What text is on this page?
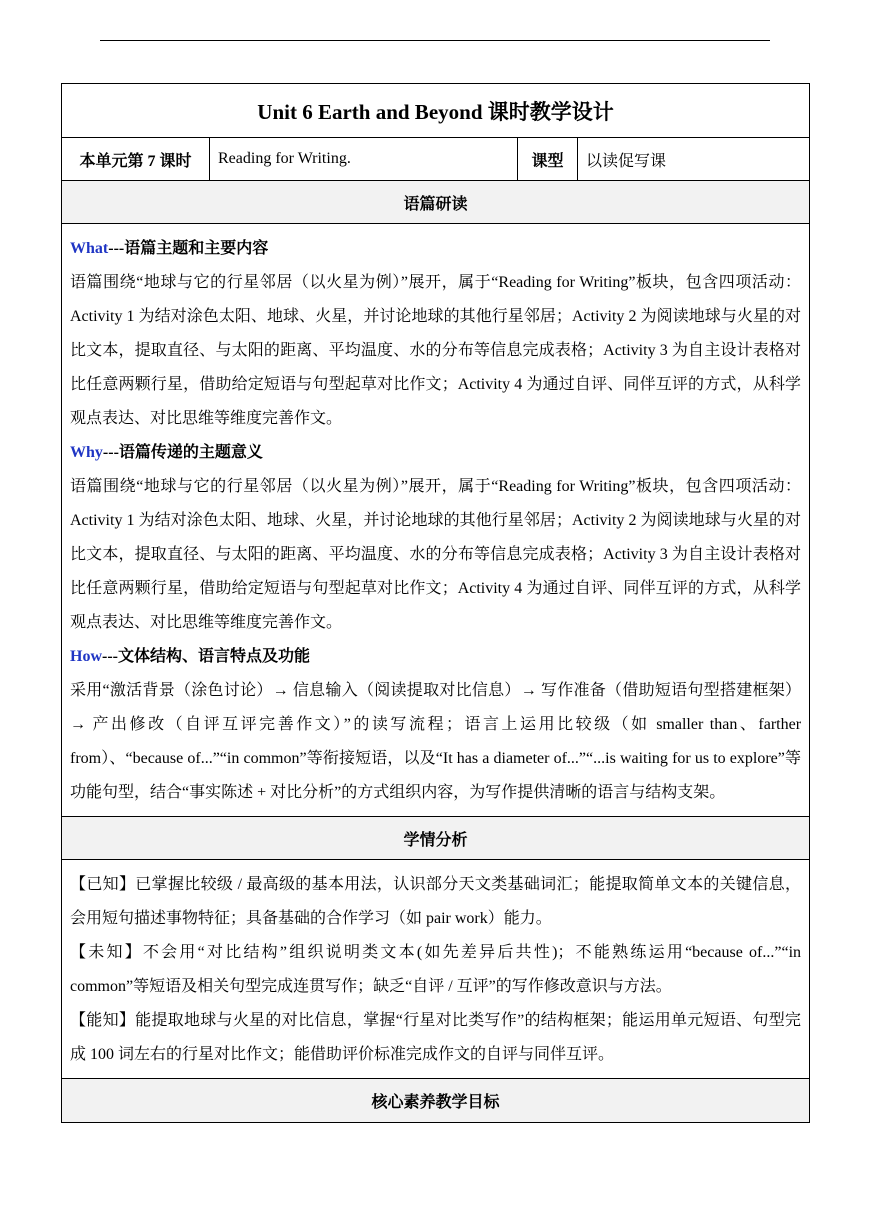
Unit 6 Earth and Beyond 课时教学设计
本单元第 7 课时	Reading for Writing.	课型	以读促写课
语篇研读

What---语篇主题和主要内容

语篇围绕“地球与它的行星邻居（以火星为例）”展开，属于“Reading for Writing”板块，包含四项活动：Activity 1 为结对涂色太阳、地球、火星，并讨论地球的其他行星邻居；Activity 2 为阅读地球与火星的对比文本，提取直径、与太阳的距离、平均温度、水的分布等信息完成表格；Activity 3 为自主设计表格对比任意两颗行星，借助给定短语与句型起草对比作文；Activity 4 为通过自评、同伴互评的方式，从科学观点表达、对比思维等维度完善作文。

Why---语篇传递的主题意义

语篇围绕“地球与它的行星邻居（以火星为例）”展开，属于“Reading for Writing”板块，包含四项活动：Activity 1 为结对涂色太阳、地球、火星，并讨论地球的其他行星邻居；Activity 2 为阅读地球与火星的对比文本，提取直径、与太阳的距离、平均温度、水的分布等信息完成表格；Activity 3 为自主设计表格对比任意两颗行星，借助给定短语与句型起草对比作文；Activity 4 为通过自评、同伴互评的方式，从科学观点表达、对比思维等维度完善作文。

How---文体结构、语言特点及功能

采用“激活背景（涂色讨论）→ 信息输入（阅读提取对比信息）→ 写作准备（借助短语句型搭建框架）→ 产出修改（自评互评完善作文）”的读写流程；语言上运用比较级（如 smaller than、farther from）、“because of...”“in common”等衔接短语，以及“It has a diameter of...”“...is waiting for us to explore”等功能句型，结合“事实陈述 + 对比分析”的方式组织内容，为写作提供清晰的语言与结构支架。

学情分析

【已知】已掌握比较级 / 最高级的基本用法，认识部分天文类基础词汇；能提取简单文本的关键信息，会用短句描述事物特征；具备基础的合作学习（如 pair work）能力。

【未知】不会用“对比结构”组织说明类文本(如先差异后共性)；不能熟练运用“because of...”“in common”等短语及相关句型完成连贯写作；缺乏“自评 / 互评”的写作修改意识与方法。

【能知】能提取地球与火星的对比信息，掌握“行星对比类写作”的结构框架；能运用单元短语、句型完成 100 词左右的行星对比作文；能借助评价标准完成作文的自评与同伴互评。

核心素养教学目标
